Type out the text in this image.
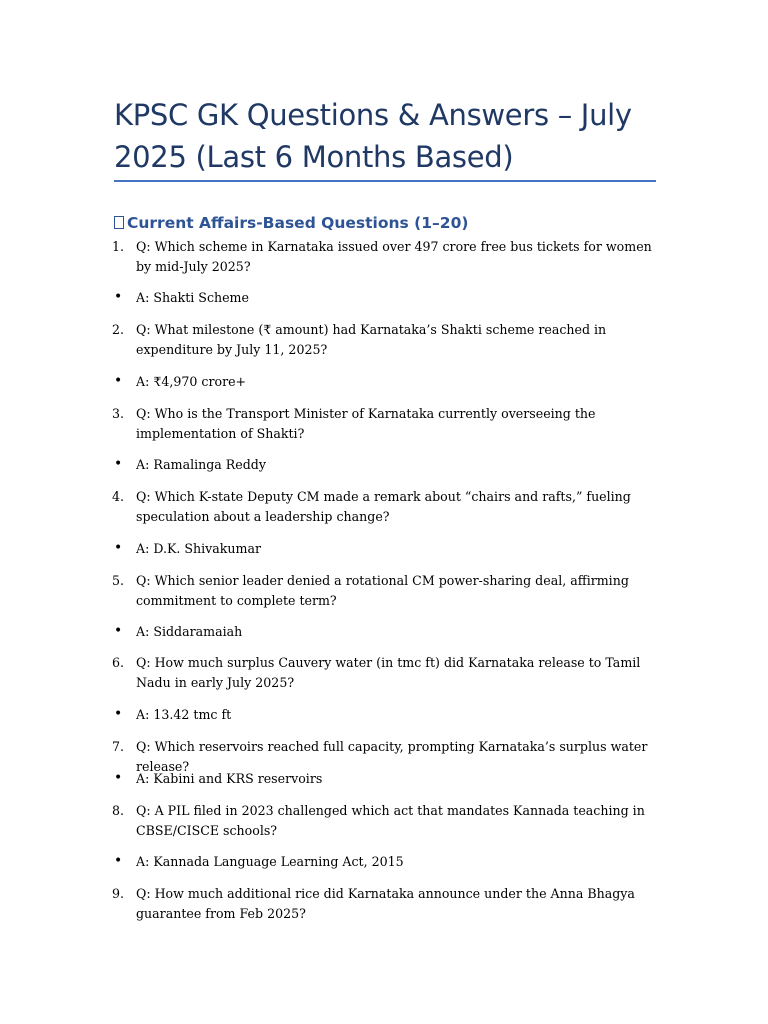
KPSC GK Questions & Answers – July 2025 (Last 6 Months Based)
Current Affairs-Based Questions (1–20)
1. Q: Which scheme in Karnataka issued over 497 crore free bus tickets for women by mid-July 2025?
• A: Shakti Scheme
2. Q: What milestone (₹ amount) had Karnataka’s Shakti scheme reached in expenditure by July 11, 2025?
• A: ₹4,970 crore+
3. Q: Who is the Transport Minister of Karnataka currently overseeing the implementation of Shakti?
• A: Ramalinga Reddy
4. Q: Which K-state Deputy CM made a remark about “chairs and rafts,” fueling speculation about a leadership change?
• A: D.K. Shivakumar
5. Q: Which senior leader denied a rotational CM power-sharing deal, affirming commitment to complete term?
• A: Siddaramaiah
6. Q: How much surplus Cauvery water (in tmc ft) did Karnataka release to Tamil Nadu in early July 2025?
• A: 13.42 tmc ft
7. Q: Which reservoirs reached full capacity, prompting Karnataka’s surplus water release?
• A: Kabini and KRS reservoirs
8. Q: A PIL filed in 2023 challenged which act that mandates Kannada teaching in CBSE/CISCE schools?
• A: Kannada Language Learning Act, 2015
9. Q: How much additional rice did Karnataka announce under the Anna Bhagya guarantee from Feb 2025?
